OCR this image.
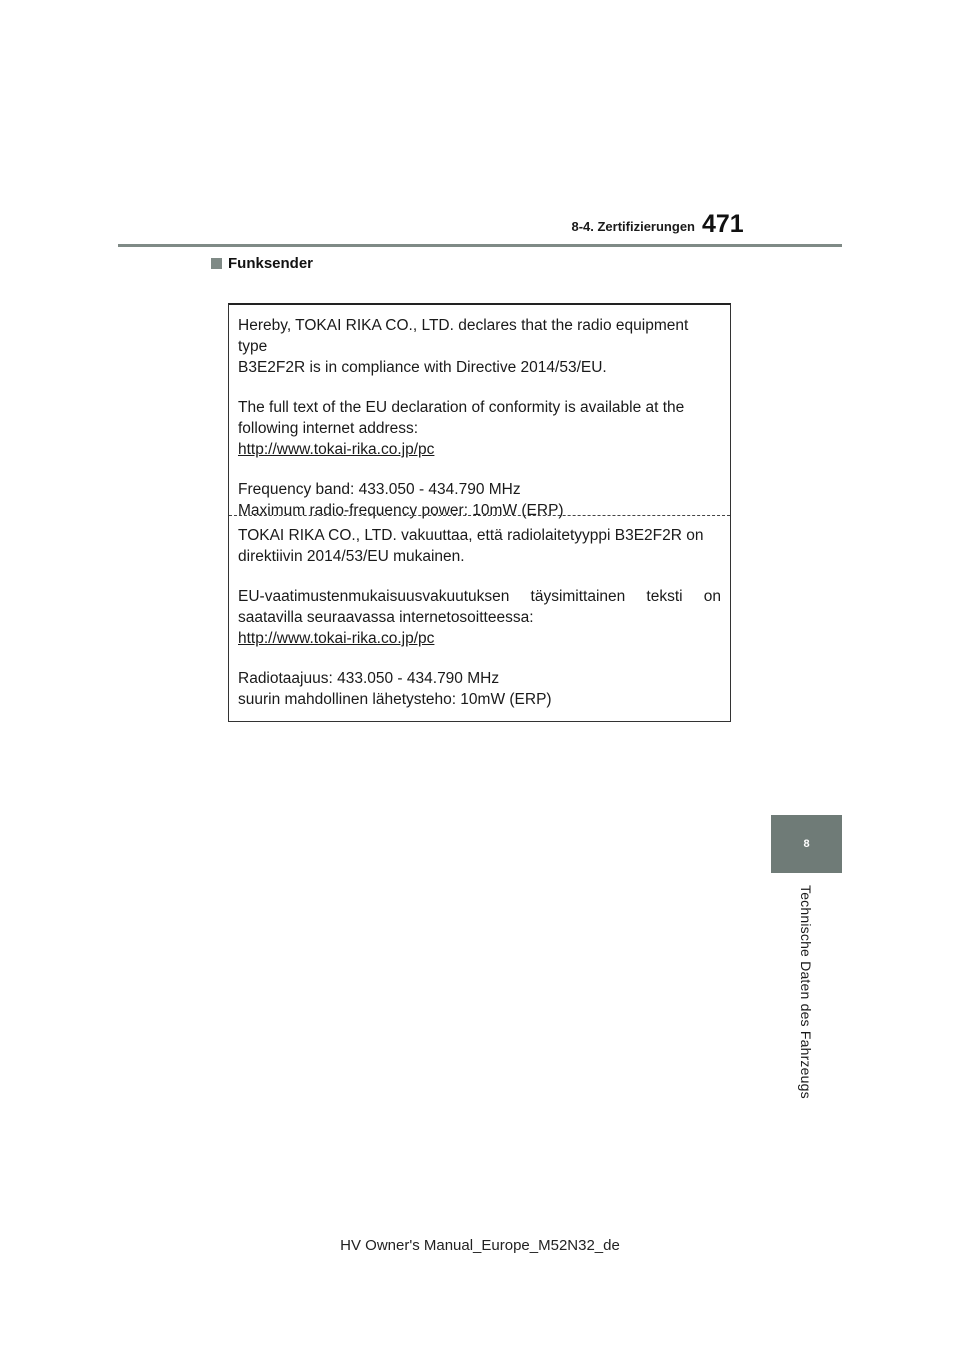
8-4. Zertifizierungen 471
Funksender

Hereby, TOKAI RIKA CO., LTD. declares that the radio equipment type

B3E2F2R is in compliance with Directive 2014/53/EU.

The full text of the EU declaration of conformity is available at the

following internet address:

http://www.tokai-rika.co.jp/pc

Frequency band: 433.050 - 434.790 MHz

Maximum radio-frequency power: 10mW (ERP)

TOKAI RIKA CO., LTD. vakuuttaa, että radiolaitetyyppi B3E2F2R on

direktiivin 2014/53/EU mukainen.

EU-vaatimustenmukaisuusvakuutuksen täysimittainen teksti on

saatavilla seuraavassa internetosoitteessa:

http://www.tokai-rika.co.jp/pc

Radiotaajuus: 433.050 - 434.790 MHz

suurin mahdollinen lähetysteho: 10mW (ERP)

8
Technische Daten des Fahrzeugs
HV Owner's Manual_Europe_M52N32_de
